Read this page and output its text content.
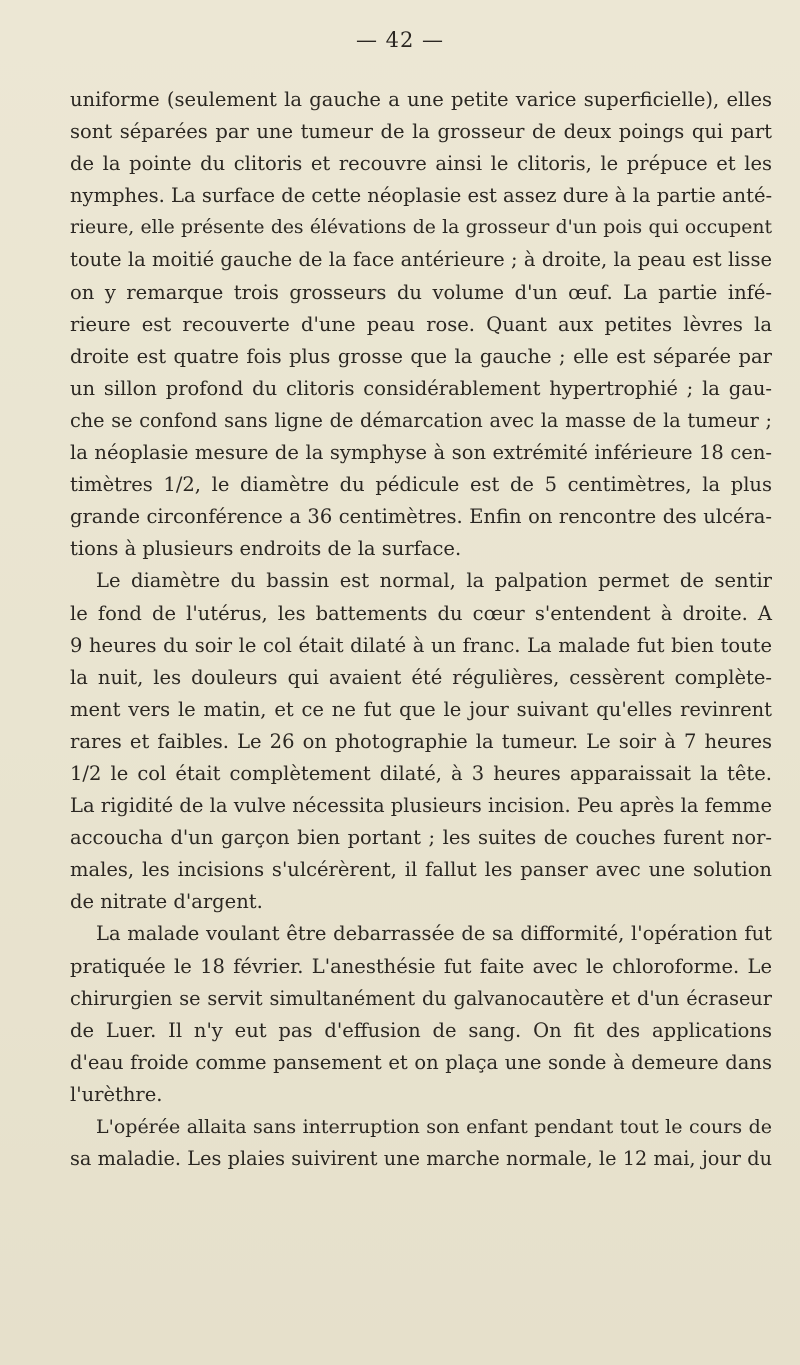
— 42 —
uniforme (seulement la gauche a une petite varice superficielle), elles
sont séparées par une tumeur de la grosseur de deux poings qui part
de la pointe du clitoris et recouvre ainsi le clitoris, le prépuce et les
nymphes. La surface de cette néoplasie est assez dure à la partie anté-
rieure, elle présente des élévations de la grosseur d'un pois qui occupent
toute la moitié gauche de la face antérieure ; à droite, la peau est lisse
on y remarque trois grosseurs du volume d'un œuf. La partie infé-
rieure est recouverte d'une peau rose. Quant aux petites lèvres la
droite est quatre fois plus grosse que la gauche ; elle est séparée par
un sillon profond du clitoris considérablement hypertrophié ; la gau-
che se confond sans ligne de démarcation avec la masse de la tumeur ;
la néoplasie mesure de la symphyse à son extrémité inférieure 18 cen-
timètres 1/2, le diamètre du pédicule est de 5 centimètres, la plus
grande circonférence a 36 centimètres. Enfin on rencontre des ulcéra-
tions à plusieurs endroits de la surface.
Le diamètre du bassin est normal, la palpation permet de sentir
le fond de l'utérus, les battements du cœur s'entendent à droite. A
9 heures du soir le col était dilaté à un franc. La malade fut bien toute
la nuit, les douleurs qui avaient été régulières, cessèrent complète-
ment vers le matin, et ce ne fut que le jour suivant qu'elles revinrent
rares et faibles. Le 26 on photographie la tumeur. Le soir à 7 heures
1/2 le col était complètement dilaté, à 3 heures apparaissait la tête.
La rigidité de la vulve nécessita plusieurs incision. Peu après la femme
accoucha d'un garçon bien portant ; les suites de couches furent nor-
males, les incisions s'ulcérèrent, il fallut les panser avec une solution
de nitrate d'argent.
La malade voulant être debarrassée de sa difformité, l'opération fut
pratiquée le 18 février. L'anesthésie fut faite avec le chloroforme. Le
chirurgien se servit simultanément du galvanocautère et d'un écraseur
de Luer. Il n'y eut pas d'effusion de sang. On fit des applications
d'eau froide comme pansement et on plaça une sonde à demeure dans
l'urèthre.
L'opérée allaita sans interruption son enfant pendant tout le cours de
sa maladie. Les plaies suivirent une marche normale, le 12 mai, jour du
